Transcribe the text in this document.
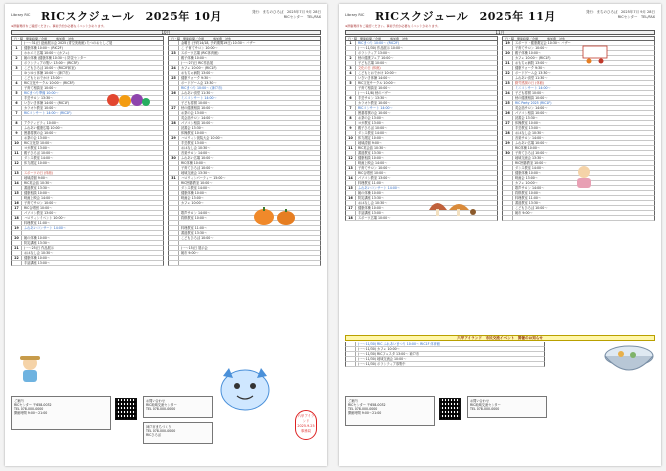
Library RIC RICスクジュール　2025年 10月	発行：まちのひろば　2025年7月 9月 28日
RICセンター　TEL/FAX
※開催場所をご確認ください。事前予約が必要なイベントがあります。
10月
日・曜　開催時間／会場　　　参加費　対象
(一～31)日 絵画展示会 2025 (青空美術館) たつのおとしご展
1	健康体操 10:00～ (RIC2F)
ホホエミ広場 10:00～ (カフェ)
2	朝の体操 (健康体操 10:30～) 防災センター
ボランティアの集い 13:00～ (RIC3F)
3	こどもひろば 10:00～ (RIC2F和室)
ゆうゆう体操 10:00～ (神戸市)
こどもとおでかけ 13:00～
4	RIC文化サークル 10:00～ (RIC3F)
子育て相談室 10:00～
5	RICまつり準備 10:00～
手芸サロン 13:30～
6	いきいき体操 14:00～ (RIC1F)
カラオケ教室 10:00～
7	RICコンサート 14:00～ (RIC2F)
8	アクティビティ 10:00～
ふれあい健康広場 10:00～
9	囲碁将棋の会 10:00～
お茶の会 13:00～
10	RIC文化祭 10:00～
ヨガ教室 13:00～
11	親子ひろば 10:00～
ダンス教室 14:00～
12	体力測定 10:00～
13	スポーツの日 (休館)
地域清掃 9:00～
14	RIC英会話 10:30～
書道教室 13:30～
15	健康相談 10:00～
映画上映会 14:00～
16	子育てサロン 10:00～
17	RIC合唱団 10:00～
パソコン教室 13:00～
18	ハロウィンイベント 10:00～
料理教室 11:00～
19	ふれあいコンサート 14:00～
20	朝の体操 10:00～
防災講座 13:30～
21	(一～25)日 作品展示
おはなし会 10:30～
22	健康体操 10:00～
手話講座 13:00～
日・曜　開催時間／会場　　　参加費　対象
金曜日 (予約14/18, 予約期間19日) 10:30～ バザー
こ 子育てサロン 10:00～
23	スポーツ広場 (RIC体育館)
親子体操 10:00～
(一～27)日 RIC作品展
24	カフェ 10:00～ (RIC1F)
おもちゃ病院 13:00～
25	健康ウォーク 9:30～
ボードゲーム会 13:30～
RICまつり 10:00～ (神戸市)
26	ふれあい食堂 11:30～
ミニコンサート 14:00～
子ども将棋 10:00～
27	秋の健康相談 10:00～
お茶の会 13:00～
英会話サロン 14:00～
28	パソコン相談 10:00～
読書会 13:30～
体操教室 10:00～
29	ハロウィン仮装大会 10:00～
手芸教室 13:00～
おはなし会 10:30～
音楽サロン 14:00～
30	ふれあい広場 10:00～
RIC体操 10:00～
子育てひろば 10:00～
地域交流会 13:30～
31	ハロウィンパーティー 15:00～
RIC囲碁教室 10:00～
ダンス教室 14:00～
健康体操 10:00～
映画会 13:00～
カフェ 10:00～
歌声サロン 14:00～
将棋教室 10:00～
料理教室 11:00～
書道教室 13:30～
こどもひろば 10:00～
(一～15)日 展示会
朝市 9:00～

ご案内

RICセンター 〒658-0032

TEL 078-000-0000

開館時間 9:00～21:00

お問い合わせ

RIC地域交流センター

TEL 078-000-0000

神戸市まちづくり

TEL 078-000-0000

RICひろば

六甲アイランド 2025.9.25 事務局
Library RIC RICスクジュール　2025年 11月	発行：まちのひろば　2025年7月 9月 28日
RICセンター　TEL/FAX
※開催場所をご確認ください。事前予約が必要なイベントがあります。
11月
日・曜　開催時間／会場　　　参加費　対象
1	RICまつり 10:00～ (RIC2F)
(一～11/30) 作品展示 10:00～
ボランティア 13:00～
2	秋の健康フェア 10:00～
子ども広場 10:00～
3	文化の日 (休館)
4	こどもとおでかけ 10:00～
いきいき体操 14:00～
5	RIC文化サークル 10:00～
子育て相談室 10:00～
(一～11/8) 秋のバザー
6	手芸サロン 13:30～
カラオケ教室 10:00～
7	RICコンサート 14:00～
囲碁将棋の会 10:00～
8	お茶の会 13:00～
ヨガ教室 13:00～
9	親子ひろば 10:00～
ダンス教室 14:00～
10	体力測定 10:00～
地域清掃 9:00～
11	RIC英会話 10:30～
書道教室 13:30～
12	健康相談 10:00～
映画上映会 14:00～
13	子育てサロン 10:00～
RIC合唱団 10:00～
14	パソコン教室 13:00～
料理教室 11:00～
15	ふれあいコンサート 14:00～
朝の体操 10:00～
16	防災講座 13:30～
おはなし会 10:30～
17	健康体操 10:00～
手話講座 13:00～
18	スポーツ広場 10:00～
日・曜　開催時間／会場　　　参加費　対象
19	スポーツ・健康測定会 10:30～ バザー
子育てサロン 10:00～
20	親子体操 10:00～
カフェ 10:00～ (RIC1F)
21	おもちゃ病院 13:00～
健康ウォーク 9:30～
22	ボードゲーム会 13:30～
ふれあい食堂 11:30～
23	勤労感謝の日 (休館)
ミニコンサート 14:00～
24	子ども将棋 10:00～
秋の健康相談 10:00～
25	RIC Party 2025 (RIC1F)
英会話サロン 14:00～
26	パソコン相談 10:00～
読書会 13:30～
27	体操教室 10:00～
手芸教室 13:00～
28	おはなし会 10:30～
音楽サロン 14:00～
29	ふれあい広場 10:00～
RIC体操 10:00～
30	子育てひろば 10:00～
地域交流会 13:30～
RIC囲碁教室 10:00～
ダンス教室 14:00～
健康体操 10:00～
映画会 13:00～
カフェ 10:00～
歌声サロン 14:00～
将棋教室 10:00～
料理教室 11:00～
書道教室 13:30～
こどもひろば 10:00～
朝市 9:00～
六甲アイランド　市民交流イベント　開催のお知らせ
(一～11/30) RIC ふれあいまつり 10:00～ RIC1F 体育館
(一～11/30) カフェ 10:00～
(一～11/30) RICフェスタ 13:00～ 神戸市
(一～11/30) 地域交流会 10:00～
(一～11/30) ボランティア募集中

ご案内

RICセンター 〒658-0032

TEL 078-000-0000

開館時間 9:00～21:00

お問い合わせ

RIC地域交流センター

TEL 078-000-0000
